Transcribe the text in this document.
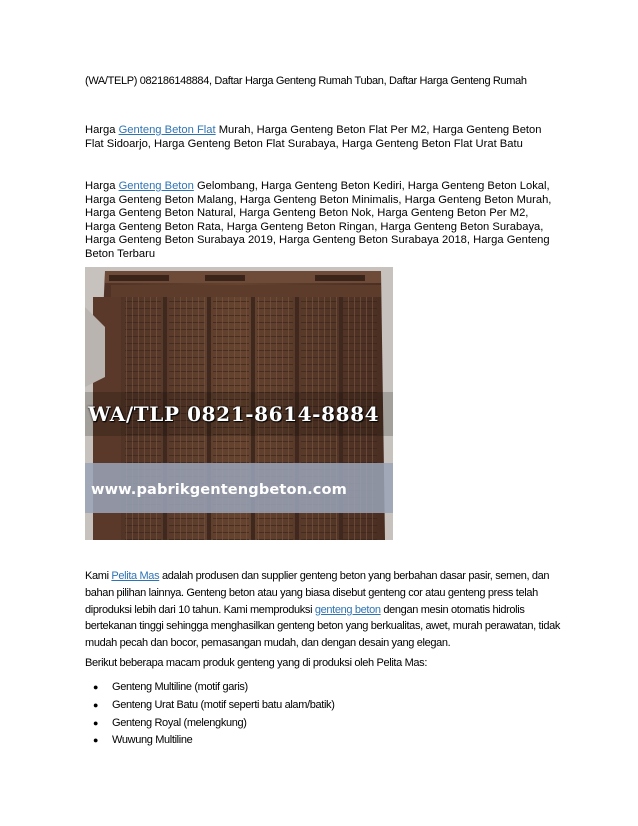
(WA/TELP) 082186148884, Daftar Harga Genteng Rumah Tuban, Daftar Harga Genteng Rumah

Harga Genteng Beton Flat Murah, Harga Genteng Beton Flat Per M2, Harga Genteng Beton Flat Sidoarjo, Harga Genteng Beton Flat Surabaya, Harga Genteng Beton Flat Urat Batu

Harga Genteng Beton Gelombang, Harga Genteng Beton Kediri, Harga Genteng Beton Lokal, Harga Genteng Beton Malang, Harga Genteng Beton Minimalis, Harga Genteng Beton Murah, Harga Genteng Beton Natural, Harga Genteng Beton Nok, Harga Genteng Beton Per M2, Harga Genteng Beton Rata, Harga Genteng Beton Ringan, Harga Genteng Beton Surabaya, Harga Genteng Beton Surabaya 2019, Harga Genteng Beton Surabaya 2018, Harga Genteng Beton Terbaru

WA/TLP 0821-8614-8884
www.pabrikgentengbeton.com

Kami Pelita Mas adalah produsen dan supplier genteng beton yang berbahan dasar pasir, semen, dan bahan pilihan lainnya. Genteng beton atau yang biasa disebut genteng cor atau genteng press telah diproduksi lebih dari 10 tahun. Kami memproduksi genteng beton dengan mesin otomatis hidrolis bertekanan tinggi sehingga menghasilkan genteng beton yang berkualitas, awet, murah perawatan, tidak mudah pecah dan bocor, pemasangan mudah, dan dengan desain yang elegan.

Berikut beberapa macam produk genteng yang di produksi oleh Pelita Mas:

● Genteng Multiline (motif garis)
● Genteng Urat Batu (motif seperti batu alam/batik)
● Genteng Royal (melengkung)
● Wuwung Multiline
